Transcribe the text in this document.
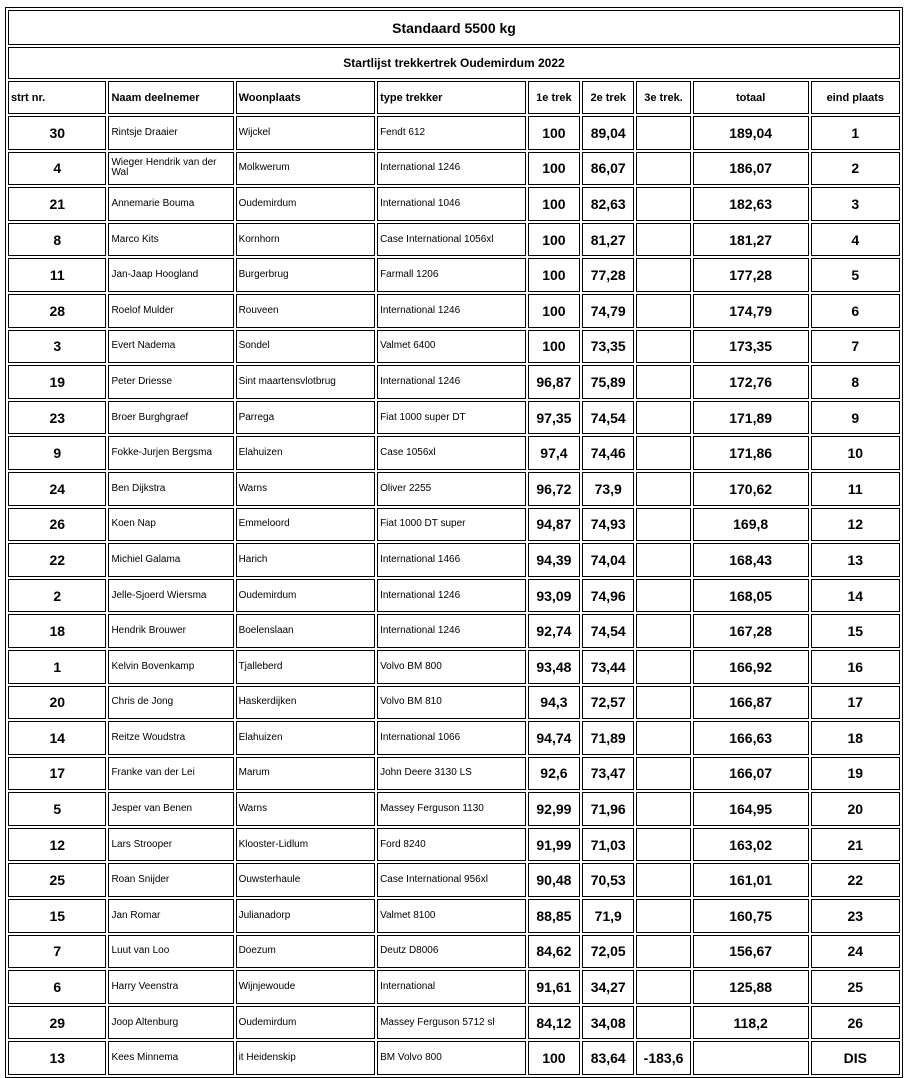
Standaard 5500 kg								
Startlijst trekkertrek Oudemirdum 2022								
strt nr.	Naam deelnemer	Woonplaats	type trekker	1e trek	2e trek	3e trek.	totaal	eind plaats
30	Rintsje Draaier	Wijckel	Fendt 612	100	89,04		189,04	1
4	Wieger Hendrik van der Wal	Molkwerum	International 1246	100	86,07		186,07	2
21	Annemarie Bouma	Oudemirdum	International 1046	100	82,63		182,63	3
8	Marco Kits	Kornhorn	Case International 1056xl	100	81,27		181,27	4
11	Jan-Jaap Hoogland	Burgerbrug	Farmall 1206	100	77,28		177,28	5
28	Roelof Mulder	Rouveen	International 1246	100	74,79		174,79	6
3	Evert Nadema	Sondel	Valmet 6400	100	73,35		173,35	7
19	Peter Driesse	Sint maartensvlotbrug	International 1246	96,87	75,89		172,76	8
23	Broer Burghgraef	Parrega	Fiat 1000 super DT	97,35	74,54		171,89	9
9	Fokke-Jurjen Bergsma	Elahuizen	Case 1056xl	97,4	74,46		171,86	10
24	Ben Dijkstra	Warns	Oliver 2255	96,72	73,9		170,62	11
26	Koen Nap	Emmeloord	Fiat 1000 DT super	94,87	74,93		169,8	12
22	Michiel Galama	Harich	International 1466	94,39	74,04		168,43	13
2	Jelle-Sjoerd Wiersma	Oudemirdum	International 1246	93,09	74,96		168,05	14
18	Hendrik Brouwer	Boelenslaan	International 1246	92,74	74,54		167,28	15
1	Kelvin Bovenkamp	Tjalleberd	Volvo BM 800	93,48	73,44		166,92	16
20	Chris de Jong	Haskerdijken	Volvo BM 810	94,3	72,57		166,87	17
14	Reitze Woudstra	Elahuizen	International 1066	94,74	71,89		166,63	18
17	Franke van der Lei	Marum	John Deere 3130 LS	92,6	73,47		166,07	19
5	Jesper van Benen	Warns	Massey Ferguson 1130	92,99	71,96		164,95	20
12	Lars Strooper	Klooster-Lidlum	Ford 8240	91,99	71,03		163,02	21
25	Roan Snijder	Ouwsterhaule	Case International 956xl	90,48	70,53		161,01	22
15	Jan Romar	Julianadorp	Valmet 8100	88,85	71,9		160,75	23
7	Luut van Loo	Doezum	Deutz D8006	84,62	72,05		156,67	24
6	Harry Veenstra	Wijnjewoude	International	91,61	34,27		125,88	25
29	Joop Altenburg	Oudemirdum	Massey Ferguson 5712 sl	84,12	34,08		118,2	26
13	Kees Minnema	it Heidenskip	BM Volvo 800	100	83,64	-183,6		DIS
